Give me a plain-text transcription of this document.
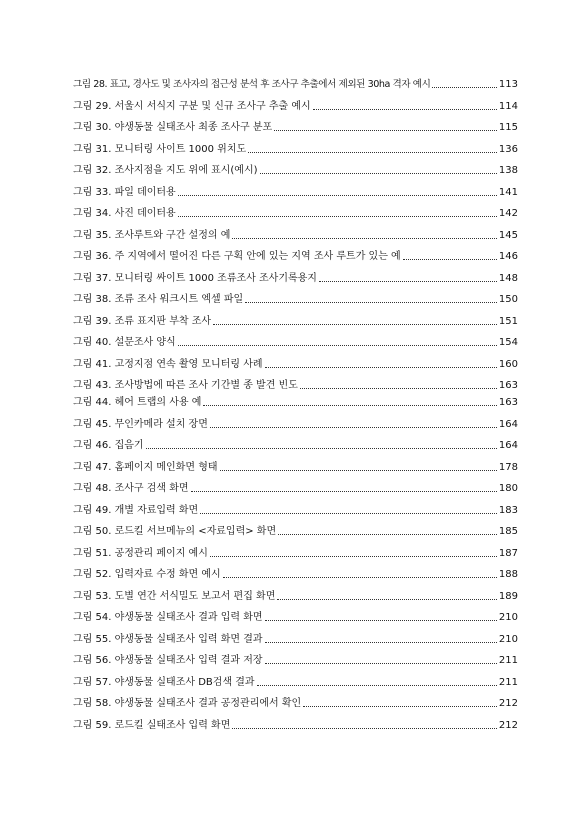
그림 28. 표고, 경사도 및 조사자의 접근성 분석 후 조사구 추출에서 제외된 30ha 격자 예시	113
그림 29. 서울시 서식지 구분 및 신규 조사구 추출 예시	114
그림 30. 야생동물 실태조사 최종 조사구 분포	115
그림 31. 모니터링 사이트 1000 위치도	136
그림 32. 조사지점을 지도 위에 표시(예시)	138
그림 33. 파일 데이터용	141
그림 34. 사진 데이터용	142
그림 35. 조사루트와 구간 설정의 예	145
그림 36. 주 지역에서 떨어진 다른 구획 안에 있는 지역 조사 루트가 있는 예	146
그림 37. 모니터링 싸이트 1000 조류조사 조사기록용지	148
그림 38. 조류 조사 워크시트 엑셀 파일	150
그림 39. 조류 표지판 부착 조사	151
그림 40. 설문조사 양식	154
그림 41. 고정지점 연속 촬영 모니터링 사례	160
그림 43. 조사방법에 따른 조사 기간별 종 발견 빈도	163
그림 44. 헤어 트랩의 사용 예	163
그림 45. 무인카메라 설치 장면	164
그림 46. 집음기	164
그림 47. 홈페이지 메인화면 형태	178
그림 48. 조사구 검색 화면	180
그림 49. 개별 자료입력 화면	183
그림 50. 로드킬 서브메뉴의 <자료입력> 화면	185
그림 51. 공정관리 페이지 예시	187
그림 52. 입력자료 수정 화면 예시	188
그림 53. 도별 연간 서식밀도 보고서 편집 화면	189
그림 54. 야생동물 실태조사 결과 입력 화면	210
그림 55. 야생동물 실태조사 입력 화면 결과	210
그림 56. 야생동물 실태조사 입력 결과 저장	211
그림 57. 야생동물 실태조사 DB검색 결과	211
그림 58. 야생동물 실태조사 결과 공정관리에서 확인	212
그림 59. 로드킬 실태조사 입력 화면	212
